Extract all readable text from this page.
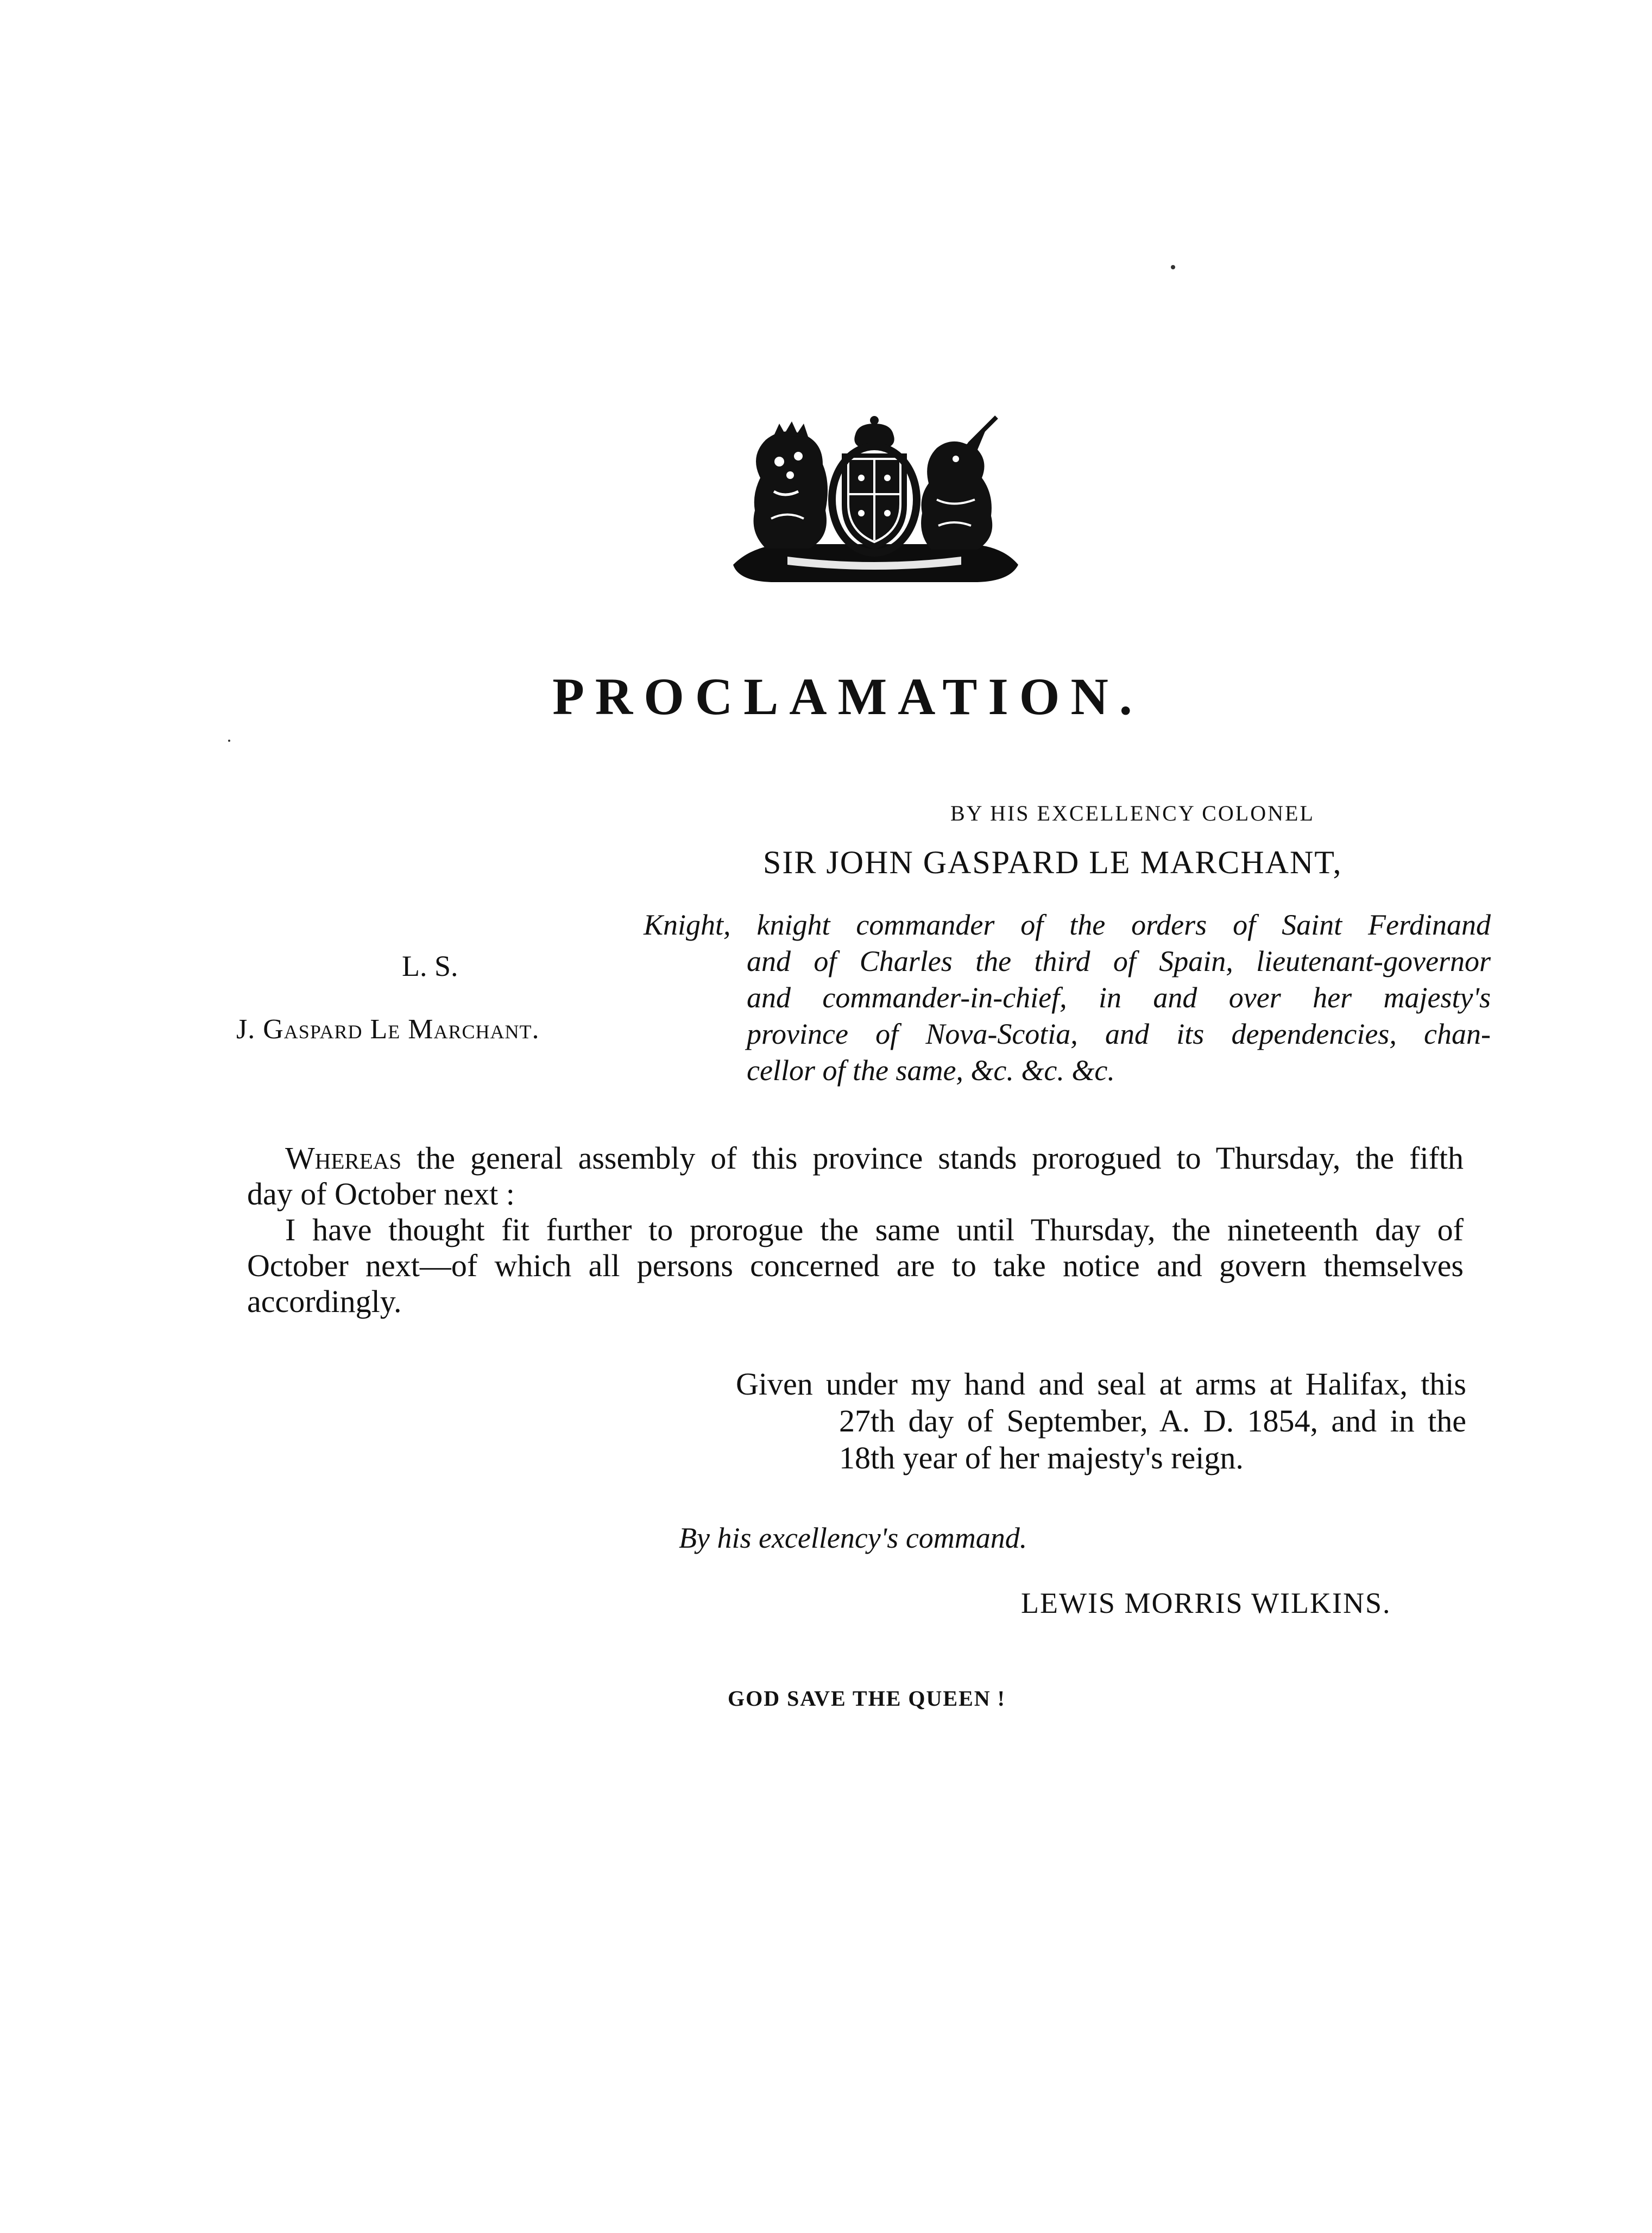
PROCLAMATION.
BY HIS EXCELLENCY COLONEL
SIR JOHN GASPARD LE MARCHANT,
Knight, knight commander of the orders of Saint Ferdinand
and of Charles the third of Spain, lieutenant-governor
and commander-in-chief, in and over her majesty's
province of Nova-Scotia, and its dependencies, chan-
cellor of the same, &c. &c. &c.
L. S.
J. Gaspard Le Marchant.
Whereas the general assembly of this province stands prorogued to Thursday, the fifth
day of October next :
I have thought fit further to prorogue the same until Thursday, the nineteenth day of
October next—of which all persons concerned are to take notice and govern themselves
accordingly.
Given under my hand and seal at arms at Halifax, this
27th day of September, A. D. 1854, and in the
18th year of her majesty's reign.
By his excellency's command.
LEWIS MORRIS WILKINS.
GOD SAVE THE QUEEN !
